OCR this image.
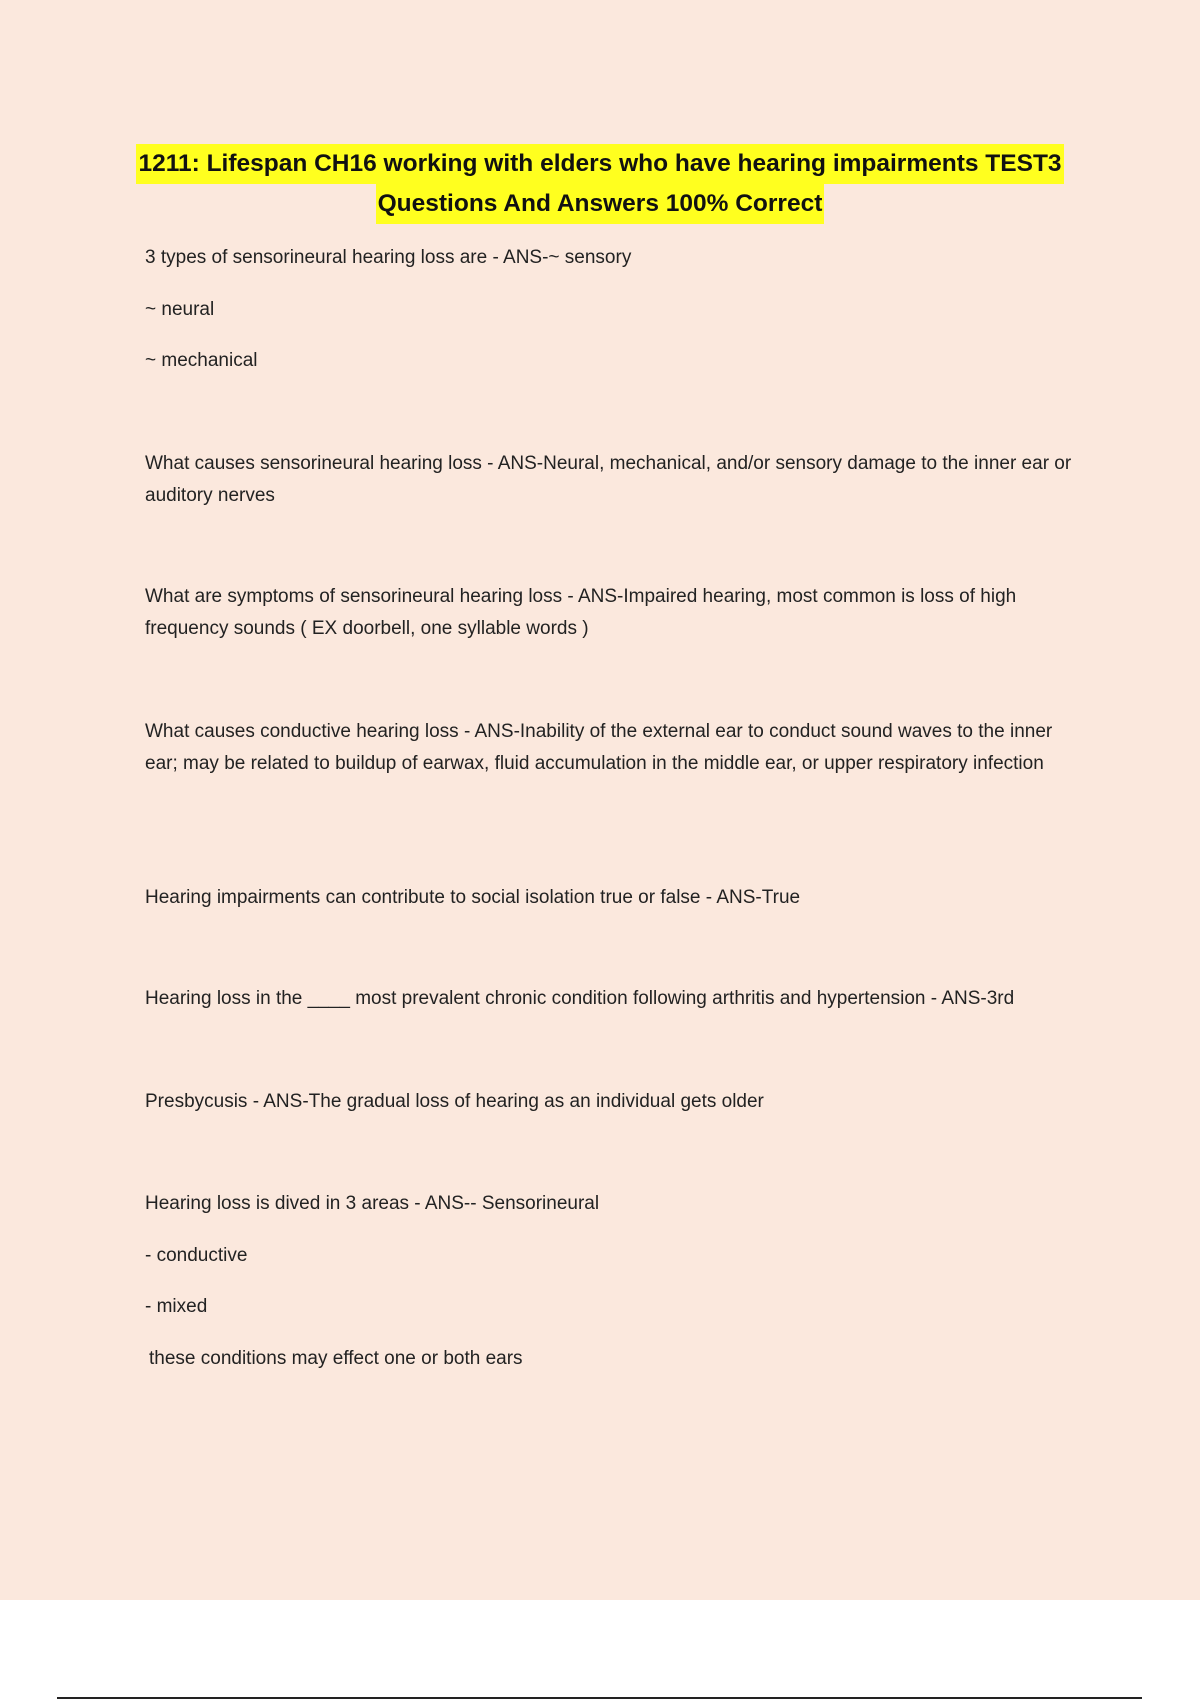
1211: Lifespan CH16 working with elders who have hearing impairments TEST3
Questions And Answers 100% Correct

3 types of sensorineural hearing loss are - ANS-~ sensory

~ neural

~ mechanical

What causes sensorineural hearing loss - ANS-Neural, mechanical, and/or sensory damage to the inner ear or auditory nerves

What are symptoms of sensorineural hearing loss - ANS-Impaired hearing, most common is loss of high frequency sounds ( EX doorbell, one syllable words )

What causes conductive hearing loss - ANS-Inability of the external ear to conduct sound waves to the inner ear; may be related to buildup of earwax, fluid accumulation in the middle ear, or upper respiratory infection

Hearing impairments can contribute to social isolation true or false - ANS-True

Hearing loss in the ____ most prevalent chronic condition following arthritis and hypertension - ANS-3rd

Presbycusis - ANS-The gradual loss of hearing as an individual gets older

Hearing loss is dived in 3 areas - ANS-- Sensorineural

- conductive

- mixed

these conditions may effect one or both ears
